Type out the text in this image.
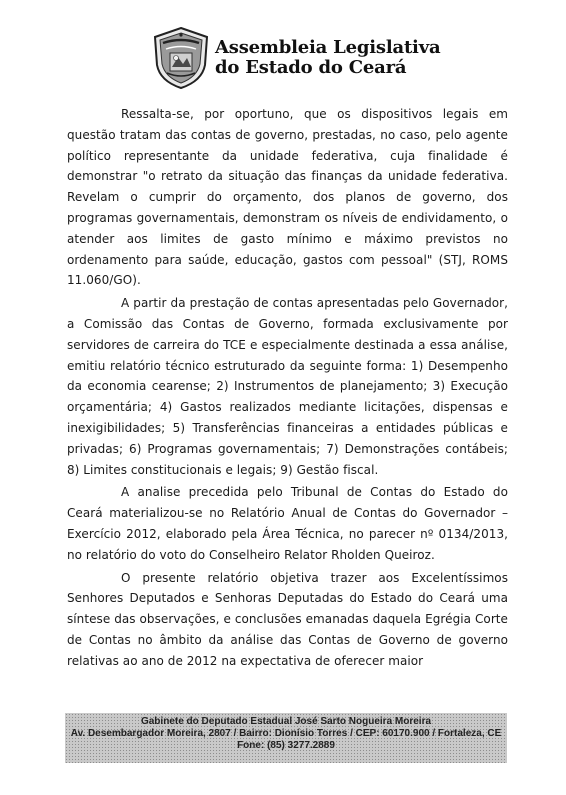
Assembleia Legislativa
do Estado do Ceará

Ressalta-se, por oportuno, que os dispositivos legais em questão tratam das contas de governo, prestadas, no caso, pelo agente político representante da unidade federativa, cuja finalidade é demonstrar "o retrato da situação das finanças da unidade federativa. Revelam o cumprir do orçamento, dos planos de governo, dos programas governamentais, demonstram os níveis de endividamento, o atender aos limites de gasto mínimo e máximo previstos no ordenamento para saúde, educação, gastos com pessoal" (STJ, ROMS 11.060/GO).

A partir da prestação de contas apresentadas pelo Governador, a Comissão das Contas de Governo, formada exclusivamente por servidores de carreira do TCE e especialmente destinada a essa análise, emitiu relatório técnico estruturado da seguinte forma: 1) Desempenho da economia cearense; 2) Instrumentos de planejamento; 3) Execução orçamentária; 4) Gastos realizados mediante licitações, dispensas e inexigibilidades; 5) Transferências financeiras a entidades públicas e privadas; 6) Programas governamentais; 7) Demonstrações contábeis; 8) Limites constitucionais e legais; 9) Gestão fiscal.

A analise precedida pelo Tribunal de Contas do Estado do Ceará materializou-se no Relatório Anual de Contas do Governador – Exercício 2012, elaborado pela Área Técnica, no parecer nº 0134/2013, no relatório do voto do Conselheiro Relator Rholden Queiroz.

O presente relatório objetiva trazer aos Excelentíssimos Senhores Deputados e Senhoras Deputadas do Estado do Ceará uma síntese das observações, e conclusões emanadas daquela Egrégia Corte de Contas no âmbito da análise das Contas de Governo de governo relativas ao ano de 2012 na expectativa de oferecer maior

Gabinete do Deputado Estadual José Sarto Nogueira Moreira
Av. Desembargador Moreira, 2807 / Bairro: Dionísio Torres / CEP: 60170.900 / Fortaleza, CE
Fone: (85) 3277.2889
